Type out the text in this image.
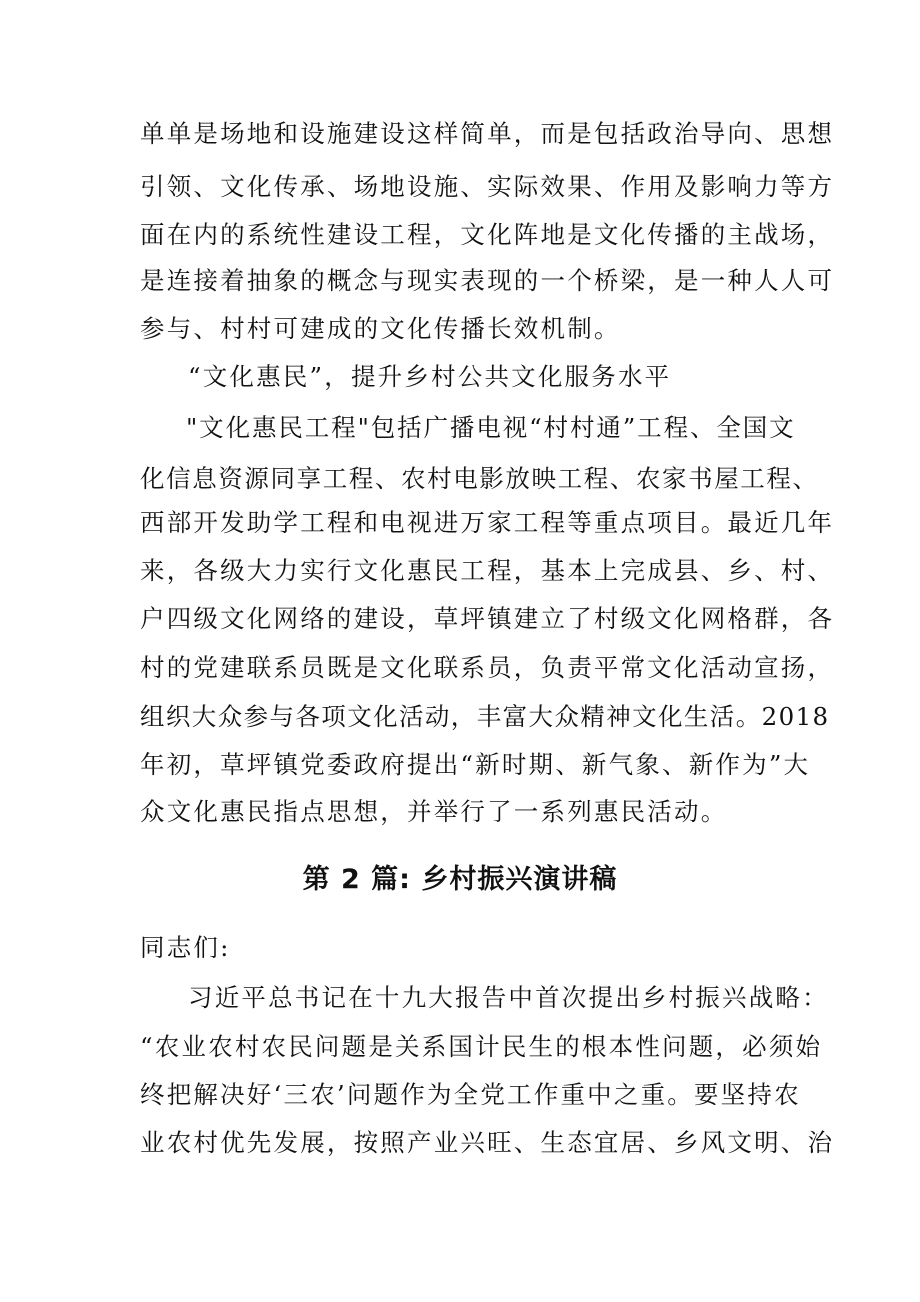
单单是场地和设施建设这样简单，而是包括政治导向、思想
引领、文化传承、场地设施、实际效果、作用及影响力等方
面在内的系统性建设工程，文化阵地是文化传播的主战场，
是连接着抽象的概念与现实表现的一个桥梁，是一种人人可
参与、村村可建成的文化传播长效机制。
“文化惠民”，提升乡村公共文化服务水平
"文化惠民工程"包括广播电视“村村通”工程、全国文
化信息资源同享工程、农村电影放映工程、农家书屋工程、
西部开发助学工程和电视进万家工程等重点项目。最近几年
来，各级大力实行文化惠民工程，基本上完成县、乡、村、
户四级文化网络的建设，草坪镇建立了村级文化网格群，各
村的党建联系员既是文化联系员，负责平常文化活动宣扬，
组织大众参与各项文化活动，丰富大众精神文化生活。2018
年初，草坪镇党委政府提出“新时期、新气象、新作为”大
众文化惠民指点思想，并举行了一系列惠民活动。
第 2 篇: 乡村振兴演讲稿
同志们:
习近平总书记在十九大报告中首次提出乡村振兴战略：
“农业农村农民问题是关系国计民生的根本性问题，必须始
终把解决好‘三农’问题作为全党工作重中之重。要坚持农
业农村优先发展，按照产业兴旺、生态宜居、乡风文明、治
